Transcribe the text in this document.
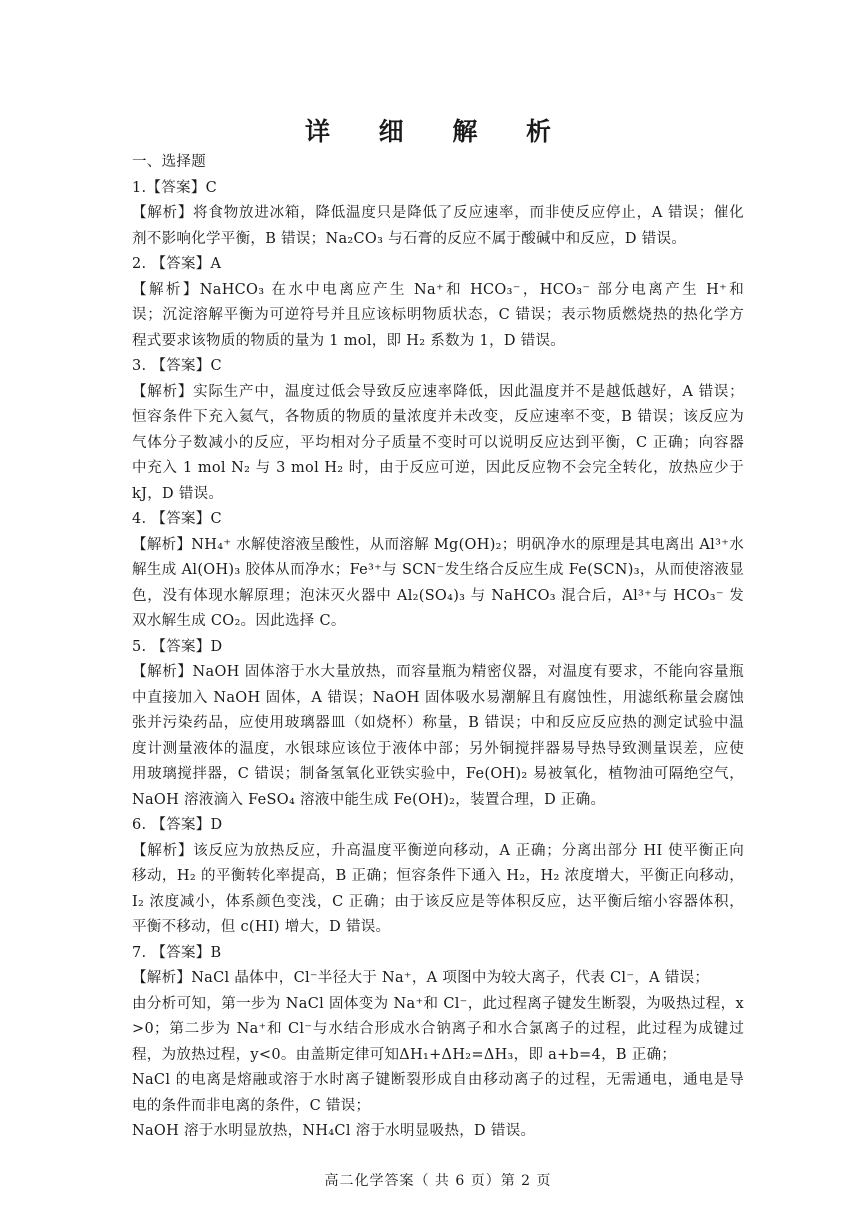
详 细 解 析
一、选择题
1.【答案】C
【解析】将食物放进冰箱，降低温度只是降低了反应速率，而非使反应停止，A 错误；催化
剂不影响化学平衡，B 错误；Na₂CO₃ 与石膏的反应不属于酸碱中和反应，D 错误。
2. 【答案】A
【解析】NaHCO₃ 在水中电离应产生 Na⁺和 HCO₃⁻，HCO₃⁻ 部分电离产生 H⁺和
误；沉淀溶解平衡为可逆符号并且应该标明物质状态，C 错误；表示物质燃烧热的热化学方
程式要求该物质的物质的量为 1 mol，即 H₂ 系数为 1，D 错误。
3. 【答案】C
【解析】实际生产中，温度过低会导致反应速率降低，因此温度并不是越低越好，A 错误；
恒容条件下充入氦气，各物质的物质的量浓度并未改变，反应速率不变，B 错误；该反应为
气体分子数减小的反应，平均相对分子质量不变时可以说明反应达到平衡，C 正确；向容器
中充入 1 mol N₂ 与 3 mol H₂ 时，由于反应可逆，因此反应物不会完全转化，放热应少于
kJ，D 错误。
4. 【答案】C
【解析】NH₄⁺ 水解使溶液呈酸性，从而溶解 Mg(OH)₂；明矾净水的原理是其电离出 Al³⁺水
解生成 Al(OH)₃ 胶体从而净水；Fe³⁺与 SCN⁻发生络合反应生成 Fe(SCN)₃，从而使溶液显
色，没有体现水解原理；泡沫灭火器中 Al₂(SO₄)₃ 与 NaHCO₃ 混合后，Al³⁺与 HCO₃⁻ 发
双水解生成 CO₂。因此选择 C。
5. 【答案】D
【解析】NaOH 固体溶于水大量放热，而容量瓶为精密仪器，对温度有要求，不能向容量瓶
中直接加入 NaOH 固体，A 错误；NaOH 固体吸水易潮解且有腐蚀性，用滤纸称量会腐蚀
张并污染药品，应使用玻璃器皿（如烧杯）称量，B 错误；中和反应反应热的测定试验中温
度计测量液体的温度，水银球应该位于液体中部；另外铜搅拌器易导热导致测量误差，应使
用玻璃搅拌器，C 错误；制备氢氧化亚铁实验中，Fe(OH)₂ 易被氧化，植物油可隔绝空气，
NaOH 溶液滴入 FeSO₄ 溶液中能生成 Fe(OH)₂，装置合理，D 正确。
6. 【答案】D
【解析】该反应为放热反应，升高温度平衡逆向移动，A 正确；分离出部分 HI 使平衡正向
移动，H₂ 的平衡转化率提高，B 正确；恒容条件下通入 H₂，H₂ 浓度增大，平衡正向移动，
I₂ 浓度减小，体系颜色变浅，C 正确；由于该反应是等体积反应，达平衡后缩小容器体积，
平衡不移动，但 c(HI) 增大，D 错误。
7. 【答案】B
【解析】NaCl 晶体中，Cl⁻半径大于 Na⁺，A 项图中为较大离子，代表 Cl⁻，A 错误；
由分析可知，第一步为 NaCl 固体变为 Na⁺和 Cl⁻，此过程离子键发生断裂，为吸热过程，x
>0；第二步为 Na⁺和 Cl⁻与水结合形成水合钠离子和水合氯离子的过程，此过程为成键过
程，为放热过程，y<0。由盖斯定律可知ΔH₁+ΔH₂=ΔH₃，即 a+b=4，B 正确；
NaCl 的电离是熔融或溶于水时离子键断裂形成自由移动离子的过程，无需通电，通电是导
电的条件而非电离的条件，C 错误；
NaOH 溶于水明显放热，NH₄Cl 溶于水明显吸热，D 错误。
高二化学答案（ 共 6 页）第 2 页
